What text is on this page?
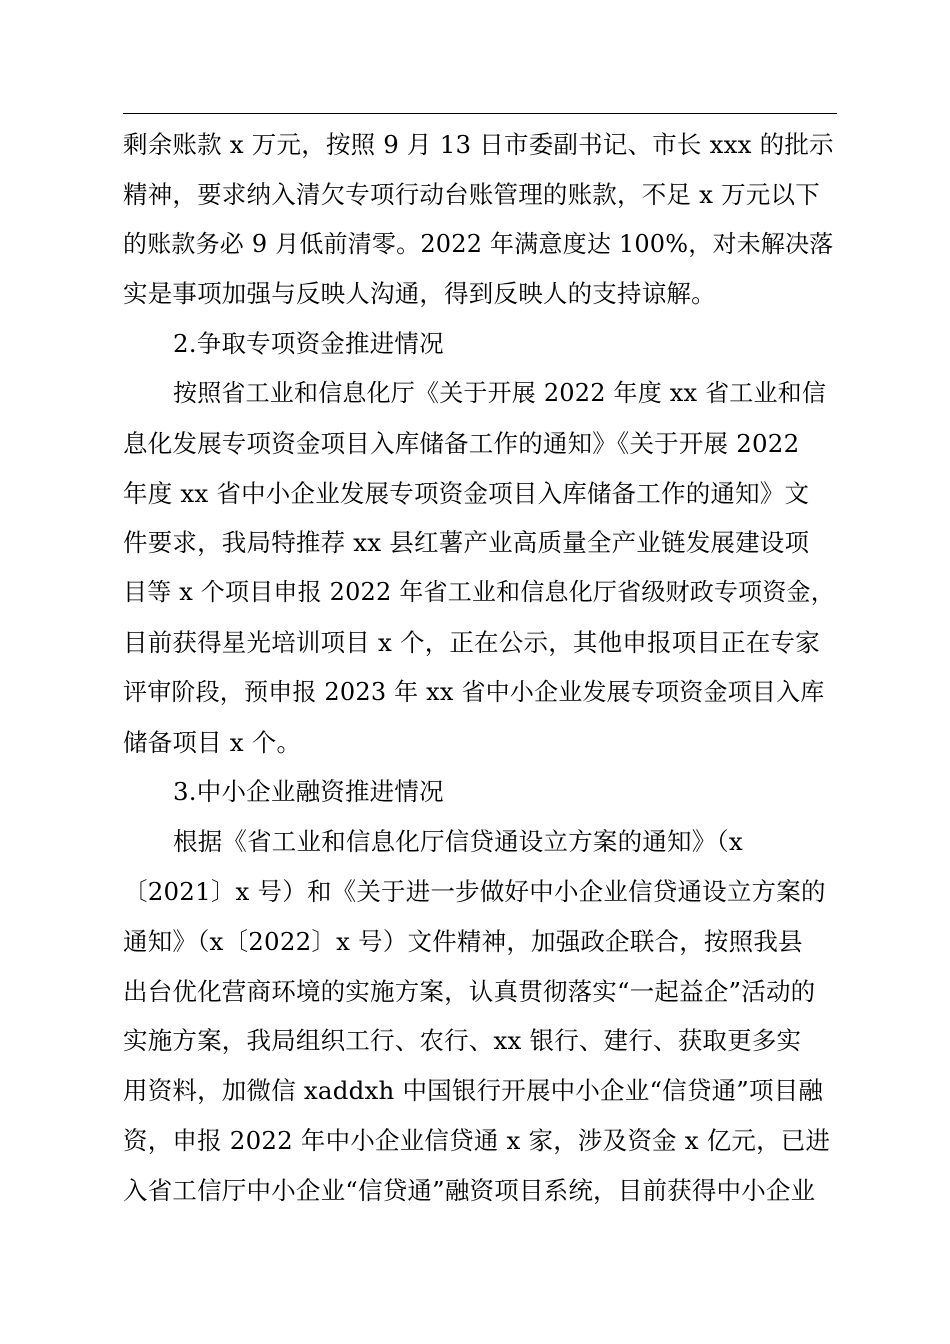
剩余账款 x 万元，按照 9 月 13 日市委副书记、市长 xxx 的批示
精神，要求纳入清欠专项行动台账管理的账款，不足 x 万元以下
的账款务必 9 月低前清零。2022 年满意度达 100%，对未解决落
实是事项加强与反映人沟通，得到反映人的支持谅解。
2.争取专项资金推进情况
按照省工业和信息化厅《关于开展 2022 年度 xx 省工业和信
息化发展专项资金项目入库储备工作的通知》《关于开展 2022
年度 xx 省中小企业发展专项资金项目入库储备工作的通知》文
件要求，我局特推荐 xx 县红薯产业高质量全产业链发展建设项
目等 x 个项目申报 2022 年省工业和信息化厅省级财政专项资金，
目前获得星光培训项目 x 个，正在公示，其他申报项目正在专家
评审阶段，预申报 2023 年 xx 省中小企业发展专项资金项目入库
储备项目 x 个。
3.中小企业融资推进情况
根据《省工业和信息化厅信贷通设立方案的通知》（x
〔2021〕x 号）和《关于进一步做好中小企业信贷通设立方案的
通知》（x〔2022〕x 号）文件精神，加强政企联合，按照我县
出台优化营商环境的实施方案，认真贯彻落实“一起益企”活动的
实施方案，我局组织工行、农行、xx 银行、建行、获取更多实
用资料，加微信 xaddxh 中国银行开展中小企业“信贷通”项目融
资，申报 2022 年中小企业信贷通 x 家，涉及资金 x 亿元，已进
入省工信厅中小企业“信贷通”融资项目系统，目前获得中小企业
